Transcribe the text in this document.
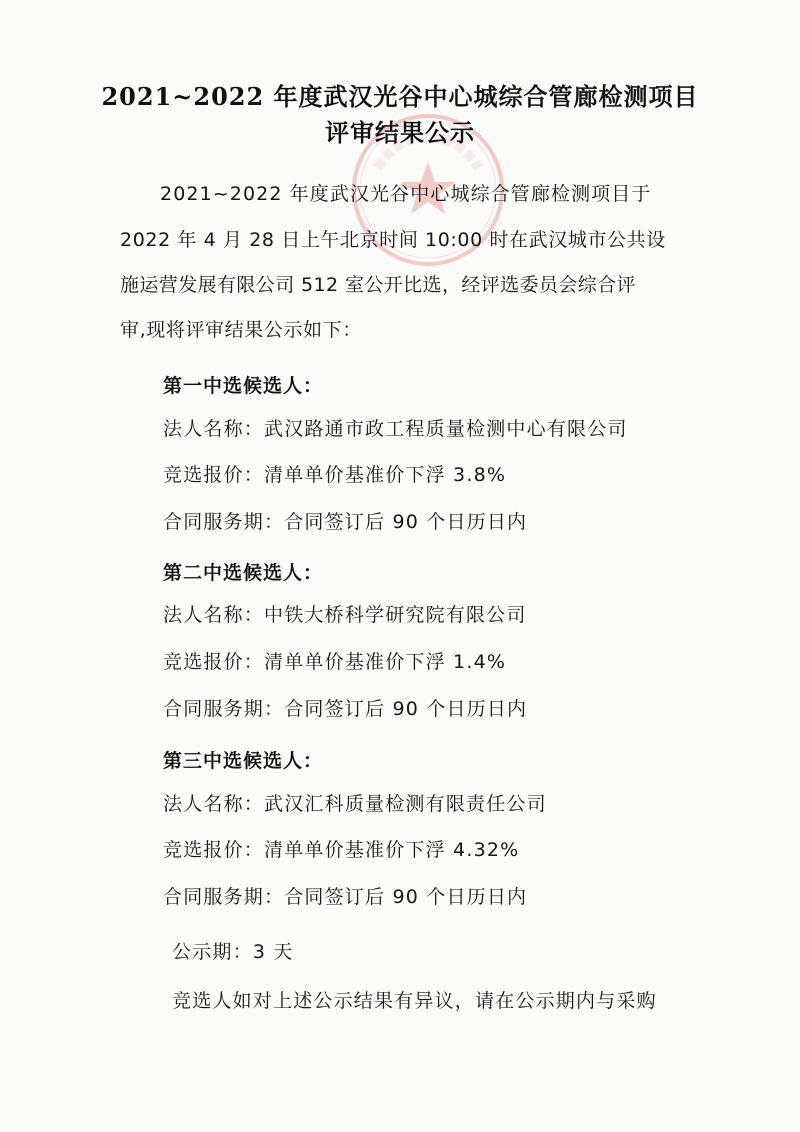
2021~2022 年度武汉光谷中心城综合管廊检测项目
评审结果公示
2021~2022 年度武汉光谷中心城综合管廊检测项目于
2022 年 4 月 28 日上午北京时间 10:00 时在武汉城市公共设
施运营发展有限公司 512 室公开比选，经评选委员会综合评
审,现将评审结果公示如下：
第一中选候选人：
法人名称：武汉路通市政工程质量检测中心有限公司
竞选报价：清单单价基准价下浮 3.8%
合同服务期：合同签订后 90 个日历日内
第二中选候选人：
法人名称：中铁大桥科学研究院有限公司
竞选报价：清单单价基准价下浮 1.4%
合同服务期：合同签订后 90 个日历日内
第三中选候选人：
法人名称：武汉汇科质量检测有限责任公司
竞选报价：清单单价基准价下浮 4.32%
合同服务期：合同签订后 90 个日历日内
公示期：3 天
竞选人如对上述公示结果有异议，请在公示期内与采购
